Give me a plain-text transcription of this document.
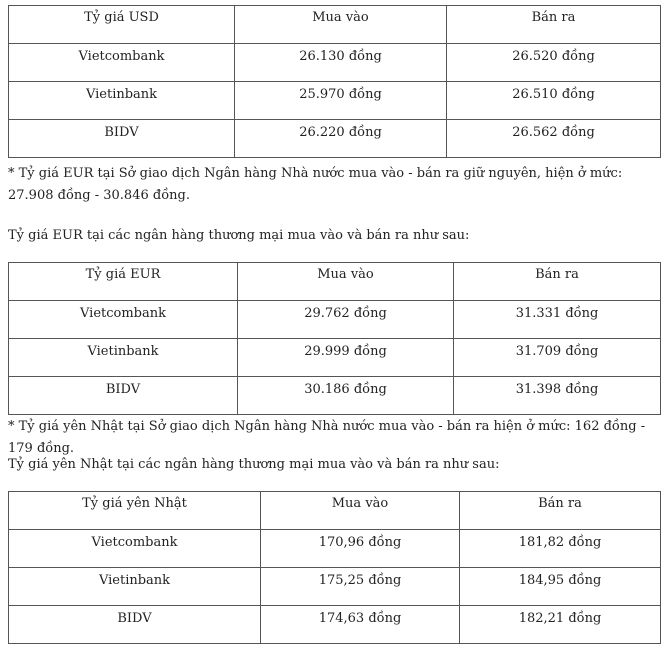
Tỷ giá USD	Mua vào	Bán ra
Vietcombank	26.130 đồng	26.520 đồng
Vietinbank	25.970 đồng	26.510 đồng
BIDV	26.220 đồng	26.562 đồng

* Tỷ giá EUR tại Sở giao dịch Ngân hàng Nhà nước mua vào - bán ra giữ nguyên, hiện ở mức: 27.908 đồng - 30.846 đồng.

Tỷ giá EUR tại các ngân hàng thương mại mua vào và bán ra như sau:

Tỷ giá EUR	Mua vào	Bán ra
Vietcombank	29.762 đồng	31.331 đồng
Vietinbank	29.999 đồng	31.709 đồng
BIDV	30.186 đồng	31.398 đồng

* Tỷ giá yên Nhật tại Sở giao dịch Ngân hàng Nhà nước mua vào - bán ra hiện ở mức: 162 đồng - 179 đồng.

Tỷ giá yên Nhật tại các ngân hàng thương mại mua vào và bán ra như sau:

Tỷ giá yên Nhật	Mua vào	Bán ra
Vietcombank	170,96 đồng	181,82 đồng
Vietinbank	175,25 đồng	184,95 đồng
BIDV	174,63 đồng	182,21 đồng
